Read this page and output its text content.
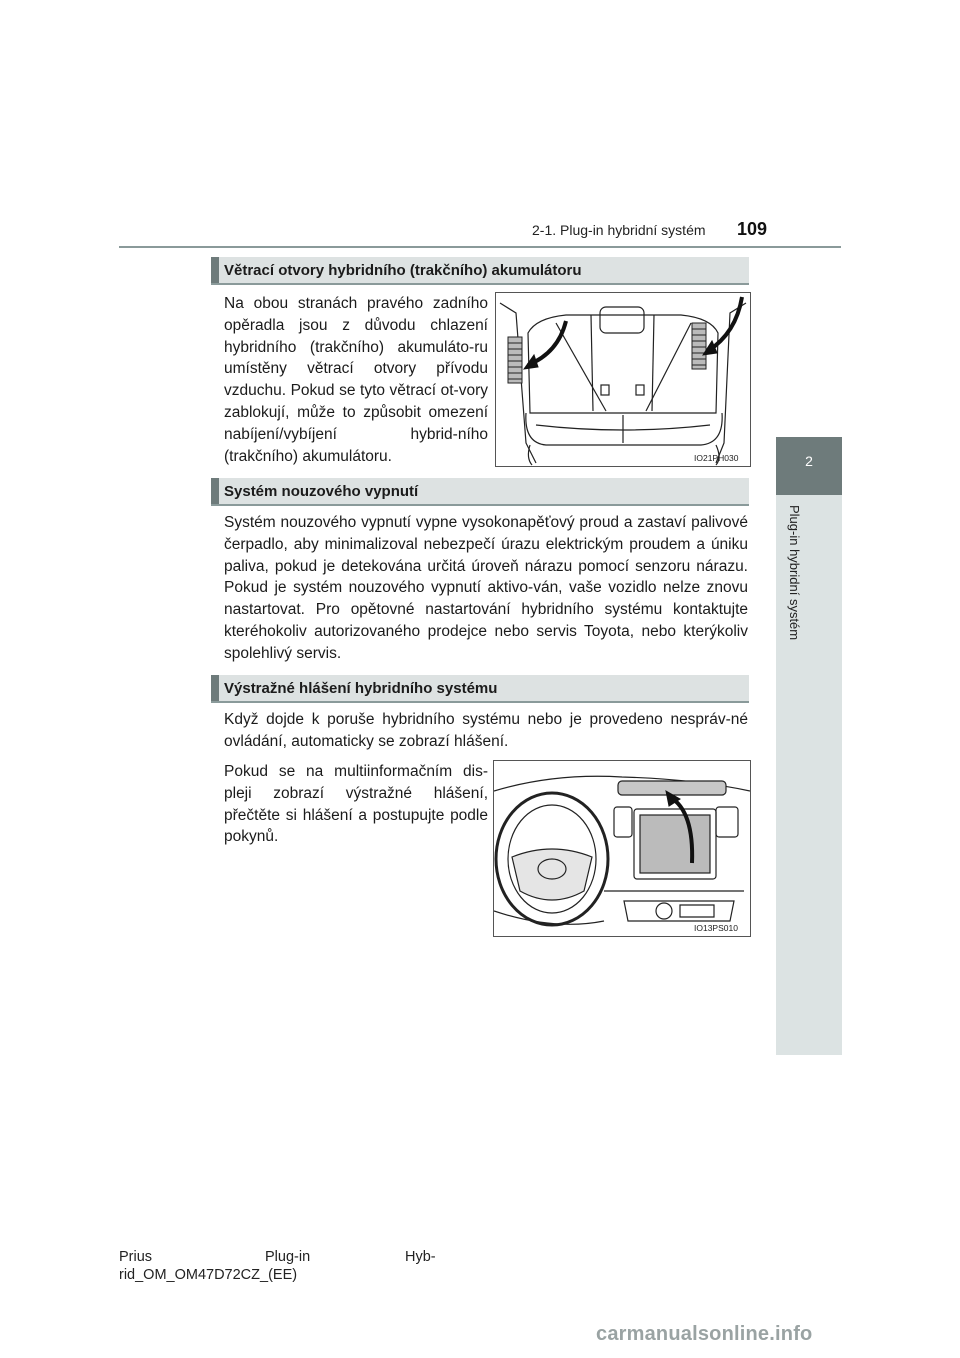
2-1. Plug-in hybridní systém 109
2
Plug-in hybridní systém
Větrací otvory hybridního (trakčního) akumulátoru

Na obou stranách pravého zadního opěradla jsou z důvodu chlazení hybridního (trakčního) akumuláto-ru umístěny větrací otvory přívodu vzduchu. Pokud se tyto větrací ot-vory zablokují, může to způsobit omezení nabíjení/vybíjení hybrid-ního (trakčního) akumulátoru.	IO21PH030
Systém nouzového vypnutí

Systém nouzového vypnutí vypne vysokonapěťový proud a zastaví palivové čerpadlo, aby minimalizoval nebezpečí úrazu elektrickým proudem a úniku paliva, pokud je detekována určitá úroveň nárazu pomocí senzoru nárazu. Pokud je systém nouzového vypnutí aktivo-ván, vaše vozidlo nelze znovu nastartovat. Pro opětovné nastartování hybridního systému kontaktujte kteréhokoliv autorizovaného prodejce nebo servis Toyota, nebo kterýkoliv spolehlivý servis.

Výstražné hlášení hybridního systému

Když dojde k poruše hybridního systému nebo je provedeno nespráv-né ovládání, automaticky se zobrazí hlášení.

Pokud se na multiinformačním dis-pleji zobrazí výstražné hlášení, přečtěte si hlášení a postupujte podle pokynů.

IO13PS010
Prius	Plug-in	Hyb-

rid_OM_OM47D72CZ_(EE)
carmanualsonline.info
